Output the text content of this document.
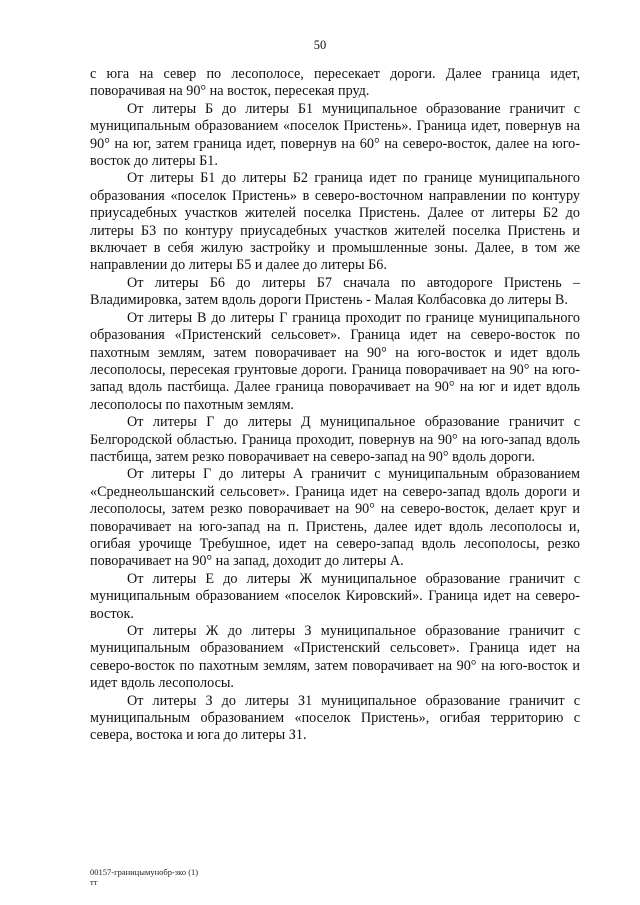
50

с юга на север по лесополосе, пересекает дороги. Далее граница идет, поворачивая на 90° на восток, пересекая пруд.

От литеры Б до литеры Б1 муниципальное образование граничит с муниципальным образованием «поселок Пристень». Граница идет, повернув на 90° на юг, затем граница идет, повернув на 60° на северо-восток, далее на юго-восток до литеры Б1.

От литеры Б1 до литеры Б2 граница идет по границе муниципального образования «поселок Пристень» в северо-восточном направлении по контуру приусадебных участков жителей поселка Пристень. Далее от литеры Б2 до литеры Б3 по контуру приусадебных участков жителей поселка Пристень и включает в себя жилую застройку и промышленные зоны. Далее, в том же направлении до литеры Б5 и далее до литеры Б6.

От литеры Б6 до литеры Б7 сначала по автодороге Пристень – Владимировка, затем вдоль дороги Пристень - Малая Колбасовка до литеры В.

От литеры В до литеры Г граница проходит по границе муниципального образования «Пристенский сельсовет». Граница идет на северо-восток по пахотным землям, затем поворачивает на 90° на юго-восток и идет вдоль лесополосы, пересекая грунтовые дороги. Граница поворачивает на 90° на юго-запад вдоль пастбища. Далее граница поворачивает на 90° на юг и идет вдоль лесополосы по пахотным землям.

От литеры Г до литеры Д муниципальное образование граничит с Белгородской областью. Граница проходит, повернув на 90° на юго-запад вдоль пастбища, затем резко поворачивает на северо-запад на 90° вдоль дороги.

От литеры Г до литеры А граничит с муниципальным образованием «Среднеольшанский сельсовет». Граница идет на северо-запад вдоль дороги и лесополосы, затем резко поворачивает на 90° на северо-восток, делает круг и поворачивает на юго-запад на п. Пристень, далее идет вдоль лесополосы и, огибая урочище Требушное, идет на северо-запад вдоль лесополосы, резко поворачивает на 90° на запад, доходит до литеры А.

От литеры Е до литеры Ж муниципальное образование граничит с муниципальным образованием «поселок Кировский». Граница идет на северо-восток.

От литеры Ж до литеры З муниципальное образование граничит с муниципальным образованием «Пристенский сельсовет». Граница идет на северо-восток по пахотным землям, затем поворачивает на 90° на юго-восток и идет вдоль лесополосы.

От литеры З до литеры З1 муниципальное образование граничит с муниципальным образованием «поселок Пристень», огибая территорию с севера, востока и юга до литеры З1.

00157-границымунобр-зко (1)
тт
